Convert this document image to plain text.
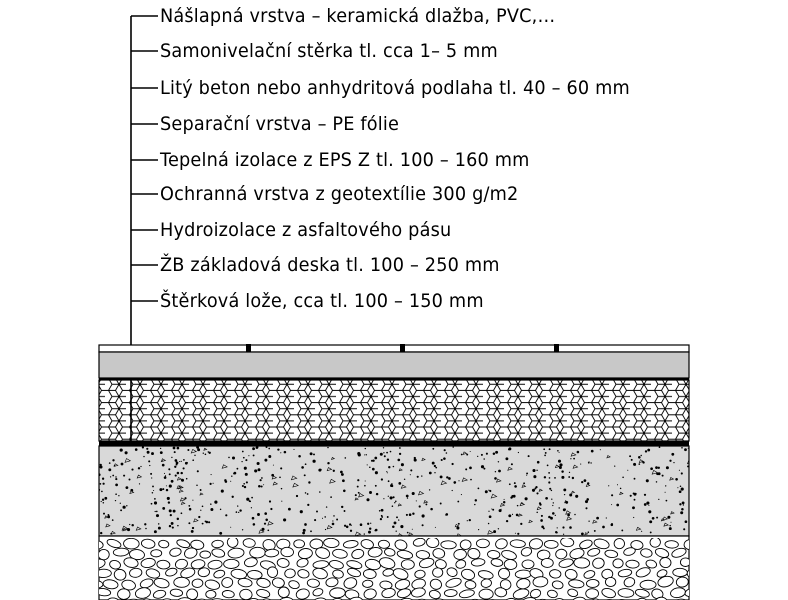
Nášlapná vrstva – keramická dlažba, PVC,…
Samonivelační stěrka tl. cca 1– 5 mm
Litý beton nebo anhydritová podlaha tl. 40 – 60 mm
Separační vrstva – PE fólie
Tepelná izolace z EPS Z tl. 100 – 160 mm
Ochranná vrstva z geotextílie 300 g/m2
Hydroizolace z asfaltového pásu
ŽB základová deska tl. 100 – 250 mm
Štěrková lože, cca tl. 100 – 150 mm
